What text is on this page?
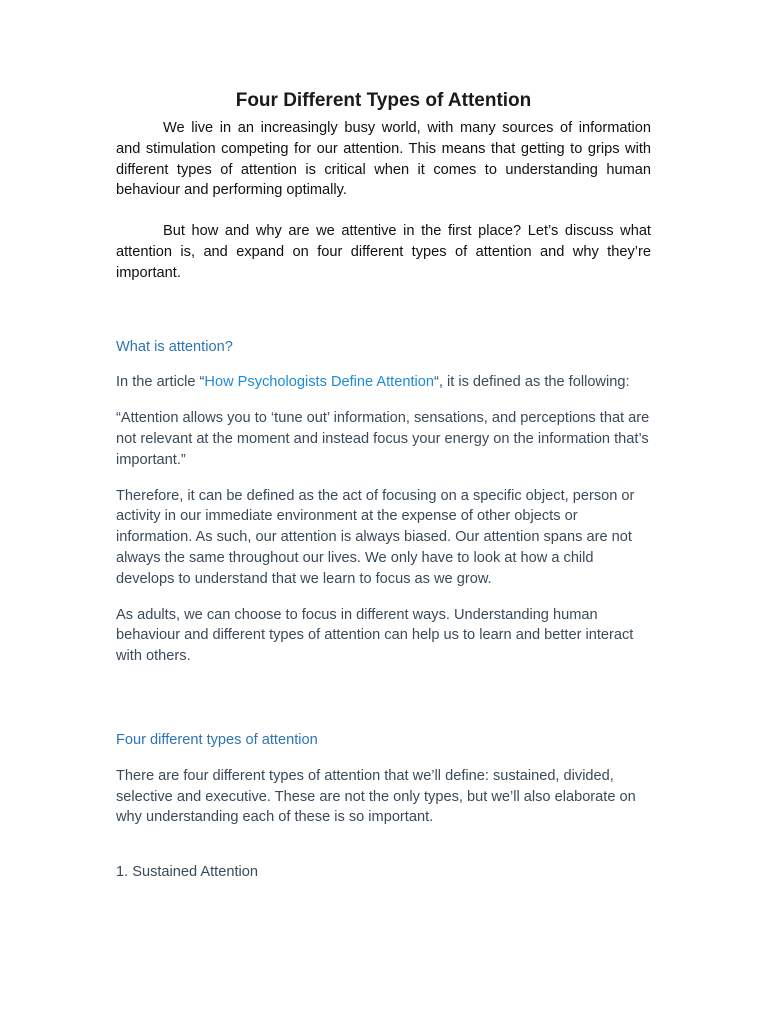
Four Different Types of Attention

We live in an increasingly busy world, with many sources of information and stimulation competing for our attention. This means that getting to grips with different types of attention is critical when it comes to understanding human behaviour and performing optimally.

But how and why are we attentive in the first place? Let’s discuss what attention is, and expand on four different types of attention and why they’re important.

What is attention?

In the article “How Psychologists Define Attention“, it is defined as the following:

“Attention allows you to ‘tune out’ information, sensations, and perceptions that are not relevant at the moment and instead focus your energy on the information that’s important.”

Therefore, it can be defined as the act of focusing on a specific object, person or activity in our immediate environment at the expense of other objects or information. As such, our attention is always biased. Our attention spans are not always the same throughout our lives. We only have to look at how a child develops to understand that we learn to focus as we grow.

As adults, we can choose to focus in different ways. Understanding human behaviour and different types of attention can help us to learn and better interact with others.

Four different types of attention

There are four different types of attention that we’ll define: sustained, divided, selective and executive. These are not the only types, but we’ll also elaborate on why understanding each of these is so important.

1. Sustained Attention
